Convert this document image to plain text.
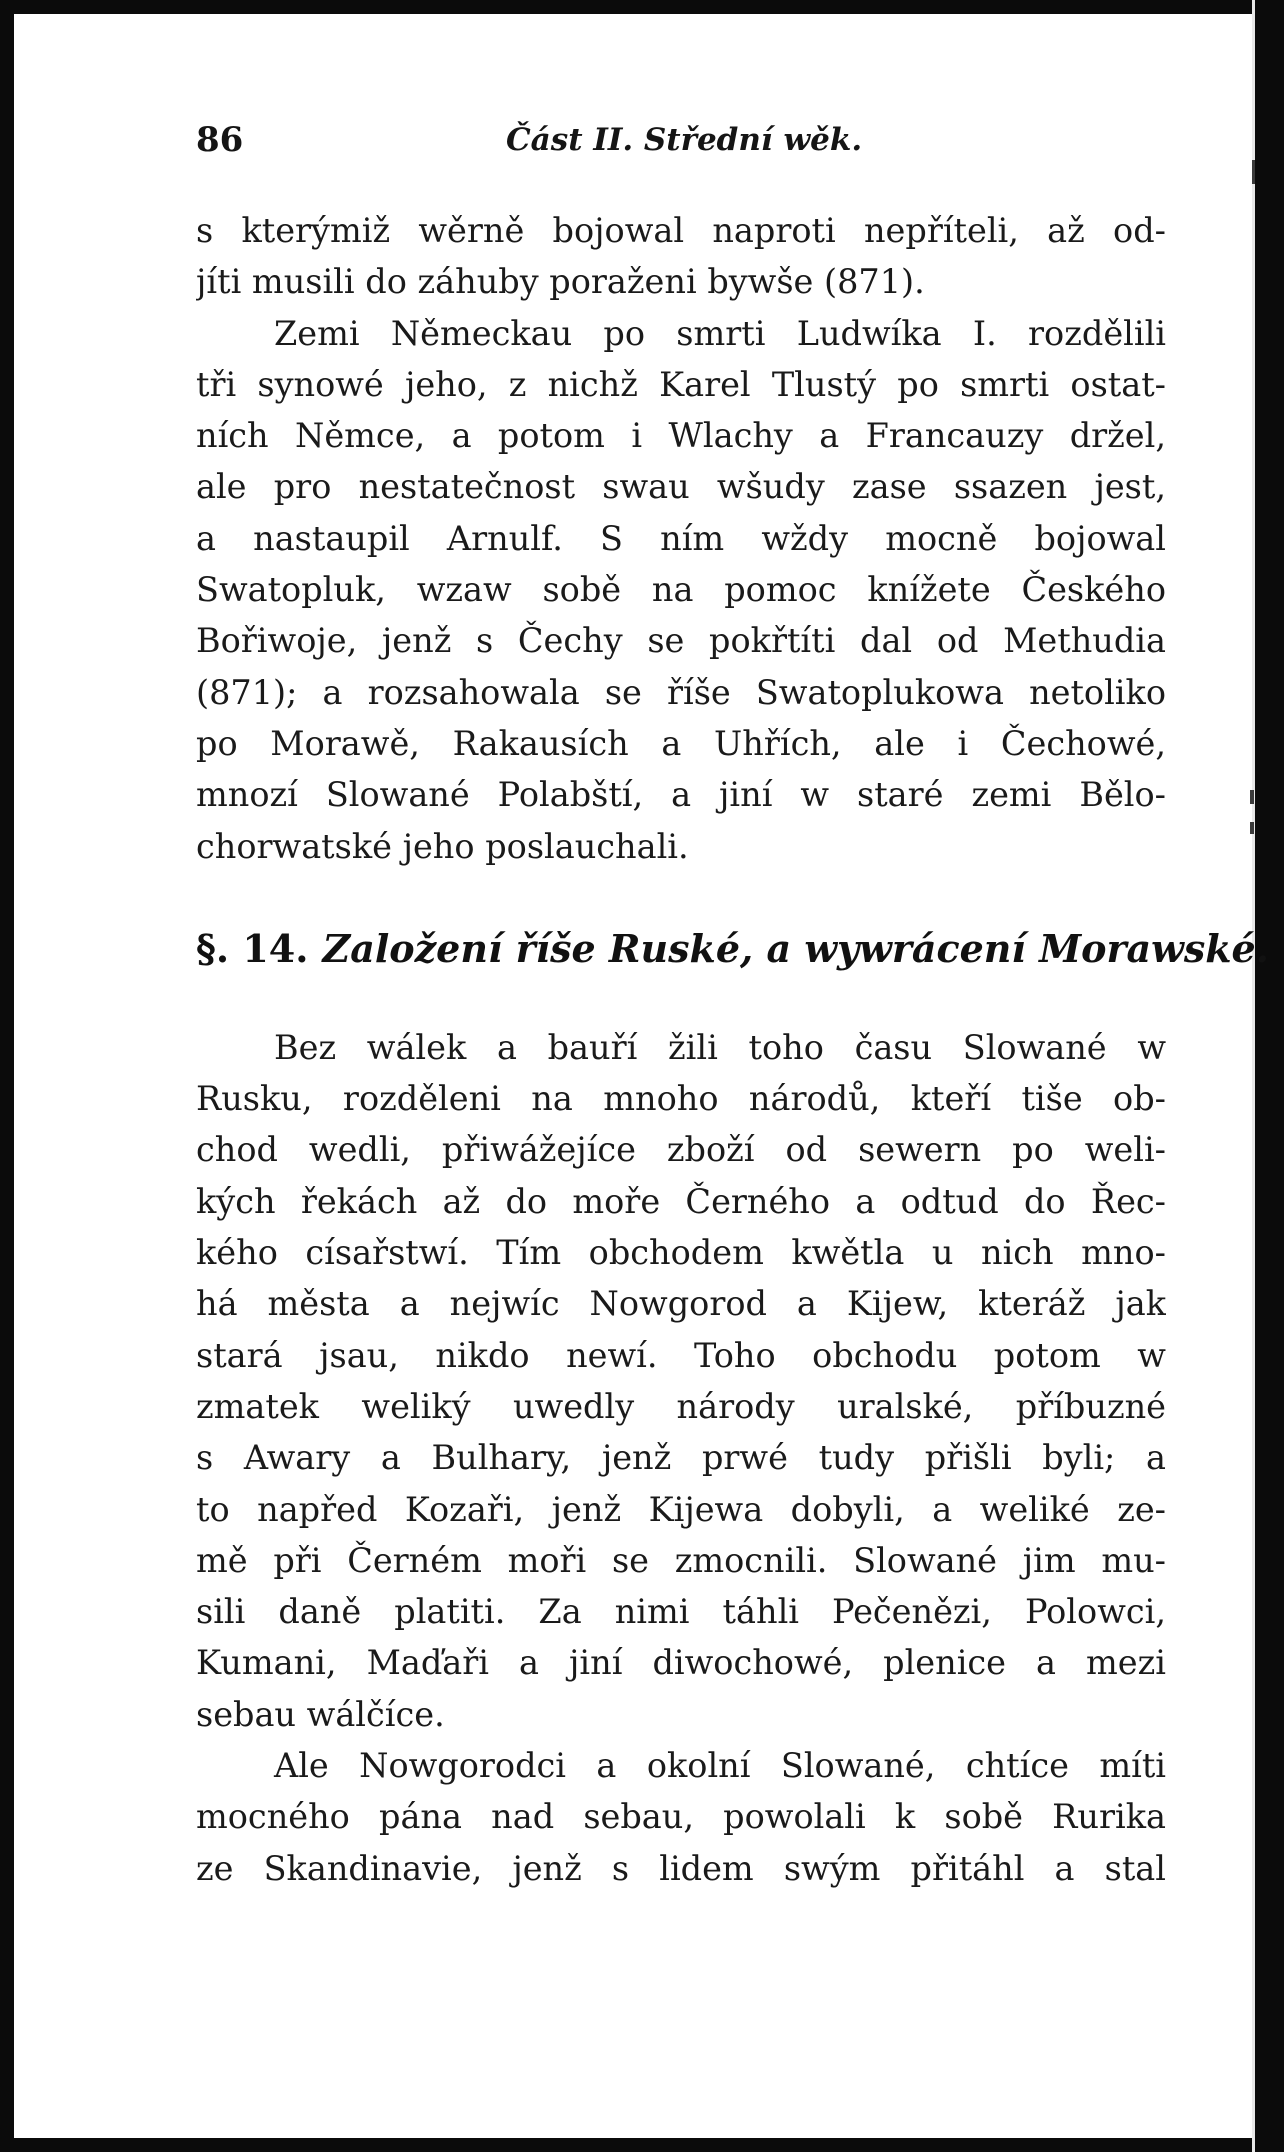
86	Část II. Střední wěk.

s kterýmiž wěrně bojowal naproti nepříteli, až od-
jíti musili do záhuby poraženi bywše (871).

Zemi Německau po smrti Ludwíka I. rozdělili
tři synowé jeho, z nichž Karel Tlustý po smrti ostat-
ních Němce, a potom i Wlachy a Francauzy držel,
ale pro nestatečnost swau wšudy zase ssazen jest,
a nastaupil Arnulf. S ním wždy mocně bojowal
Swatopluk, wzaw sobě na pomoc knížete Českého
Bořiwoje, jenž s Čechy se pokřtíti dal od Methudia
(871); a rozsahowala se říše Swatoplukowa netoliko
po Morawě, Rakausích a Uhřích, ale i Čechowé,
mnozí Slowané Polabští, a jiní w staré zemi Bělo-
chorwatské jeho poslauchali.

§. 14. Založení říše Ruské, a wywrácení Morawské.

Bez wálek a bauří žili toho času Slowané w
Rusku, rozděleni na mnoho národů, kteří tiše ob-
chod wedli, přiwážejíce zboží od sewern po weli-
kých řekách až do moře Černého a odtud do Řec-
kého císařstwí. Tím obchodem kwětla u nich mno-
há města a nejwíc Nowgorod a Kijew, kteráž jak
stará jsau, nikdo newí. Toho obchodu potom w
zmatek weliký uwedly národy uralské, příbuzné
s Awary a Bulhary, jenž prwé tudy přišli byli; a
to napřed Kozaři, jenž Kijewa dobyli, a weliké ze-
mě při Černém moři se zmocnili. Slowané jim mu-
sili daně platiti. Za nimi táhli Pečenězi, Polowci,
Kumani, Maďaři a jiní diwochowé, plenice a mezi
sebau wálčíce.

Ale Nowgorodci a okolní Slowané, chtíce míti
mocného pána nad sebau, powolali k sobě Rurika
ze Skandinavie, jenž s lidem swým přitáhl a stal
